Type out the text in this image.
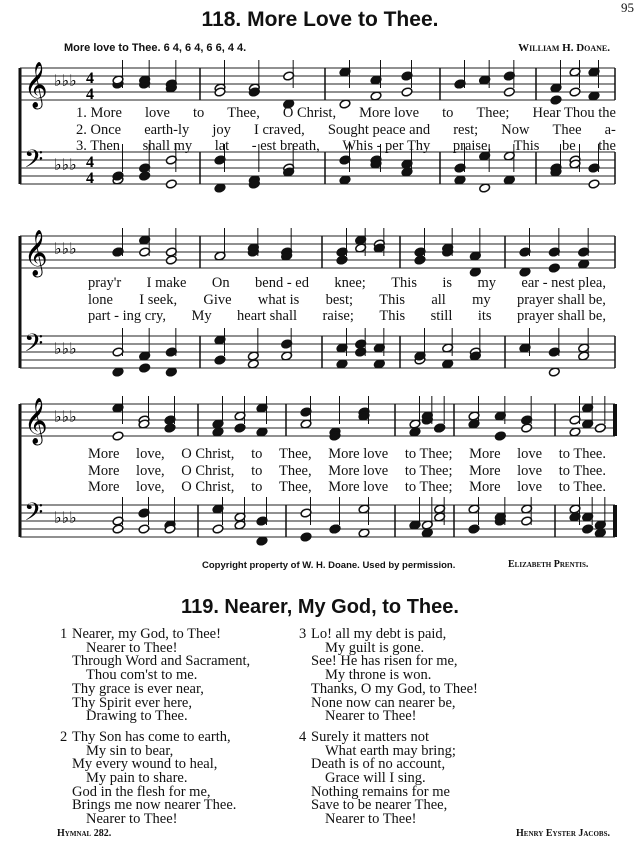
𝄞 ♭♭♭ 4
4
𝄢 ♭♭♭ 4
4
𝄞 ♭♭♭
𝄢 ♭♭♭
𝄞 ♭♭♭
𝄢 ♭♭♭
95
118. More Love to Thee.
More love to Thee. 6 4, 6 4, 6 6, 4 4.	William H. Doane.
1. More love to Thee, O Christ, More love to Thee; Hear Thou the
2. Once earth-ly joy I craved, Sought peace and rest; Now Thee a-
3. Then shall my lat - est breath, Whis - per Thy praise, This be the
pray'r I make On bend - ed knee; This is my ear - nest plea,
lone I seek, Give what is best; This all my prayer shall be,
part - ing cry, My heart shall raise; This still its prayer shall be,
More love, O Christ, to Thee, More love to Thee; More love to Thee.
More love, O Christ, to Thee, More love to Thee; More love to Thee.
More love, O Christ, to Thee, More love to Thee; More love to Thee.
Copyright property of W. H. Doane. Used by permission.	Elizabeth Prentis.
119. Nearer, My God, to Thee.
1 Nearer, my God, to Thee!
Nearer to Thee!
Through Word and Sacrament,
Thou com'st to me.
Thy grace is ever near,
Thy Spirit ever here,
Drawing to Thee.
2 Thy Son has come to earth,
My sin to bear,
My every wound to heal,
My pain to share.
God in the flesh for me,
Brings me now nearer Thee.
Nearer to Thee!
3 Lo! all my debt is paid,
My guilt is gone.
See! He has risen for me,
My throne is won.
Thanks, O my God, to Thee!
None now can nearer be,
Nearer to Thee!
4 Surely it matters not
What earth may bring;
Death is of no account,
Grace will I sing.
Nothing remains for me
Save to be nearer Thee,
Nearer to Thee!
Hymnal 282.	Henry Eyster Jacobs.
